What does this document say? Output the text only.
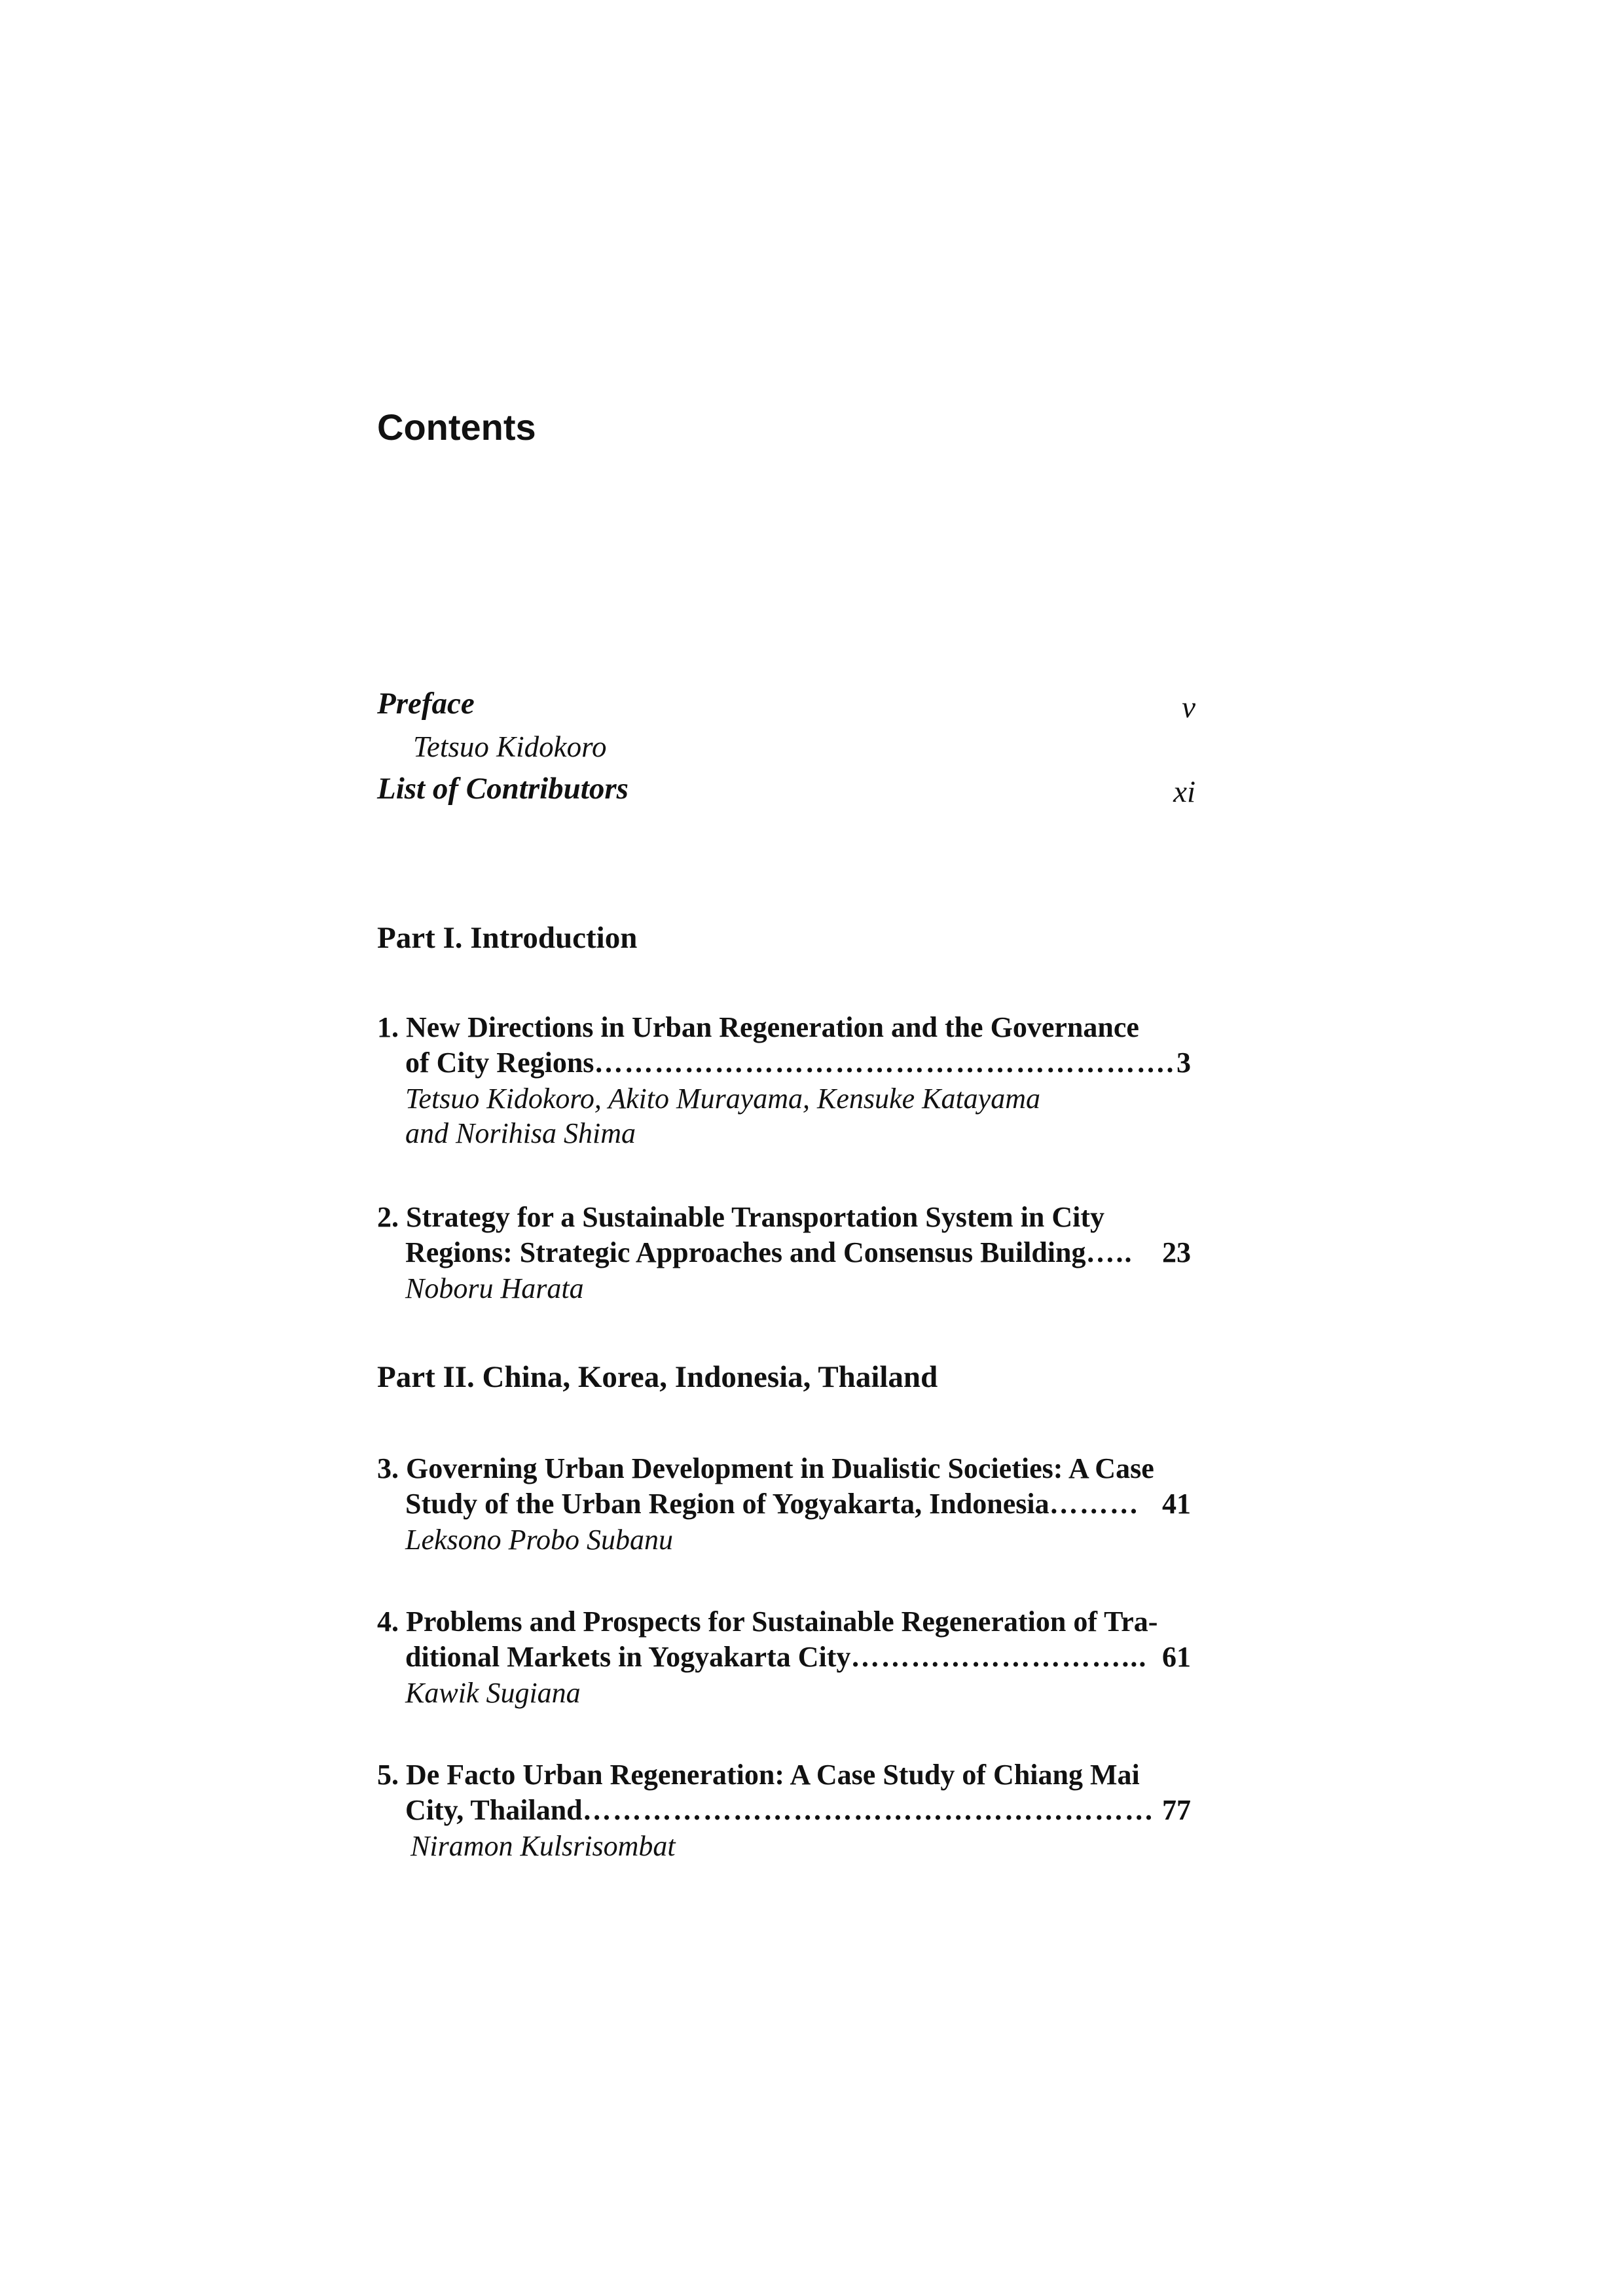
Contents
Preface	v
Tetsuo Kidokoro
List of Contributors	xi
Part I. Introduction
1. New Directions in Urban Regeneration and the Governance
of City Regions …………………………………………………. 3
Tetsuo Kidokoro, Akito Murayama, Kensuke Katayama
and Norihisa Shima
2. Strategy for a Sustainable Transportation System in City
Regions: Strategic Approaches and Consensus Building …..	23
Noboru Harata
Part II. China, Korea, Indonesia, Thailand
3. Governing Urban Development in Dualistic Societies: A Case
Study of the Urban Region of Yogyakarta, Indonesia ……… 41
Leksono Probo Subanu
4. Problems and Prospects for Sustainable Regeneration of Tra-
ditional Markets in Yogyakarta City ………………………... 61
Kawik Sugiana
5. De Facto Urban Regeneration: A Case Study of Chiang Mai
City, Thailand ………………………………………………… 77
Niramon Kulsrisombat
